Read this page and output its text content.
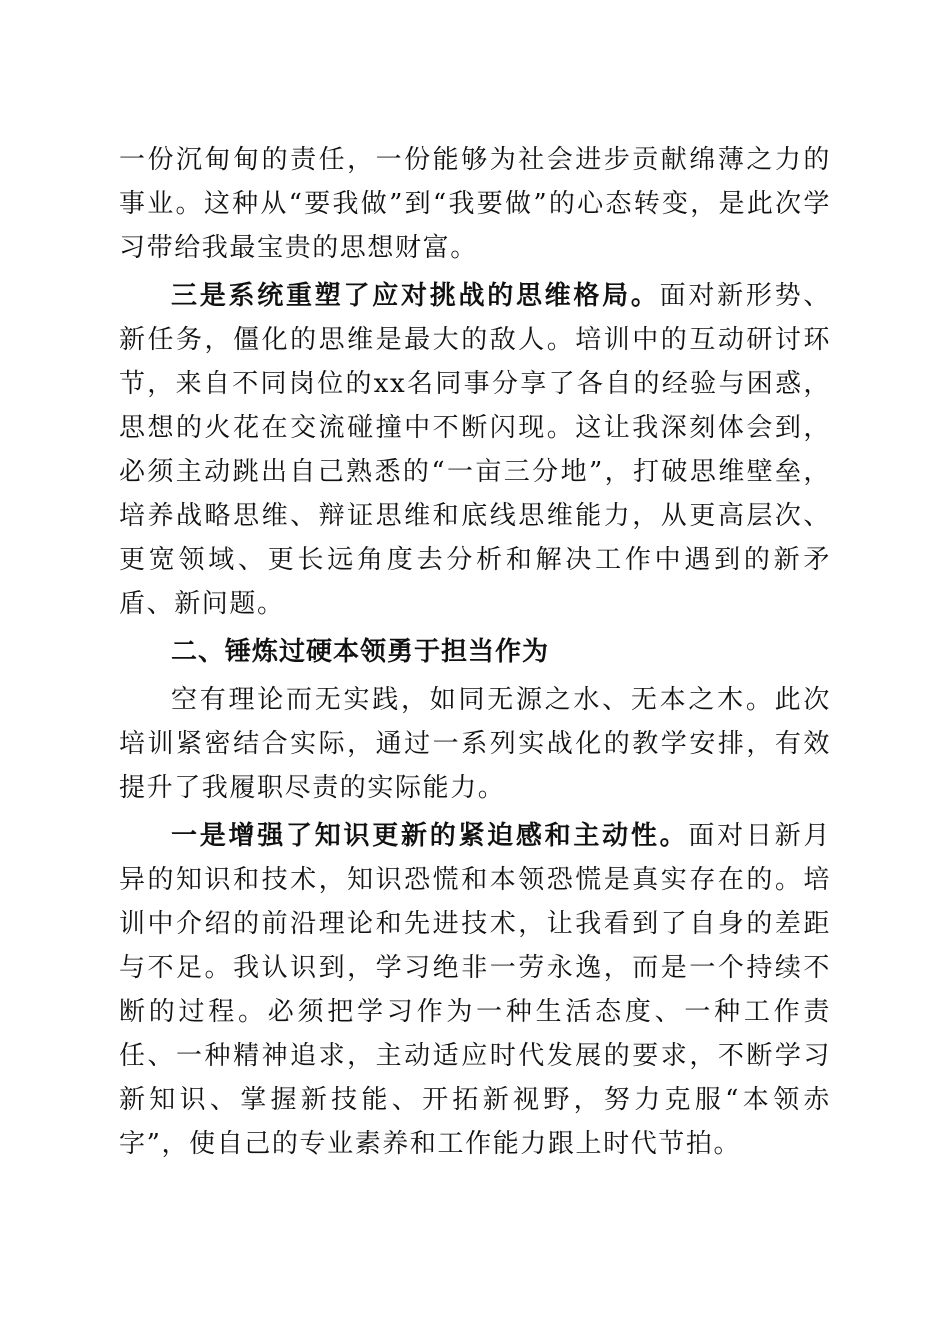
一份沉甸甸的责任，一份能够为社会进步贡献绵薄之力的事业。这种从“要我做”到“我要做”的心态转变，是此次学习带给我最宝贵的思想财富。

三是系统重塑了应对挑战的思维格局。面对新形势、新任务，僵化的思维是最大的敌人。培训中的互动研讨环节，来自不同岗位的xx名同事分享了各自的经验与困惑，思想的火花在交流碰撞中不断闪现。这让我深刻体会到，必须主动跳出自己熟悉的“一亩三分地”，打破思维壁垒，培养战略思维、辩证思维和底线思维能力，从更高层次、更宽领域、更长远角度去分析和解决工作中遇到的新矛盾、新问题。

二、锤炼过硬本领勇于担当作为

空有理论而无实践，如同无源之水、无本之木。此次培训紧密结合实际，通过一系列实战化的教学安排，有效提升了我履职尽责的实际能力。

一是增强了知识更新的紧迫感和主动性。面对日新月异的知识和技术，知识恐慌和本领恐慌是真实存在的。培训中介绍的前沿理论和先进技术，让我看到了自身的差距与不足。我认识到，学习绝非一劳永逸，而是一个持续不断的过程。必须把学习作为一种生活态度、一种工作责任、一种精神追求，主动适应时代发展的要求，不断学习新知识、掌握新技能、开拓新视野，努力克服“本领赤字”，使自己的专业素养和工作能力跟上时代节拍。
